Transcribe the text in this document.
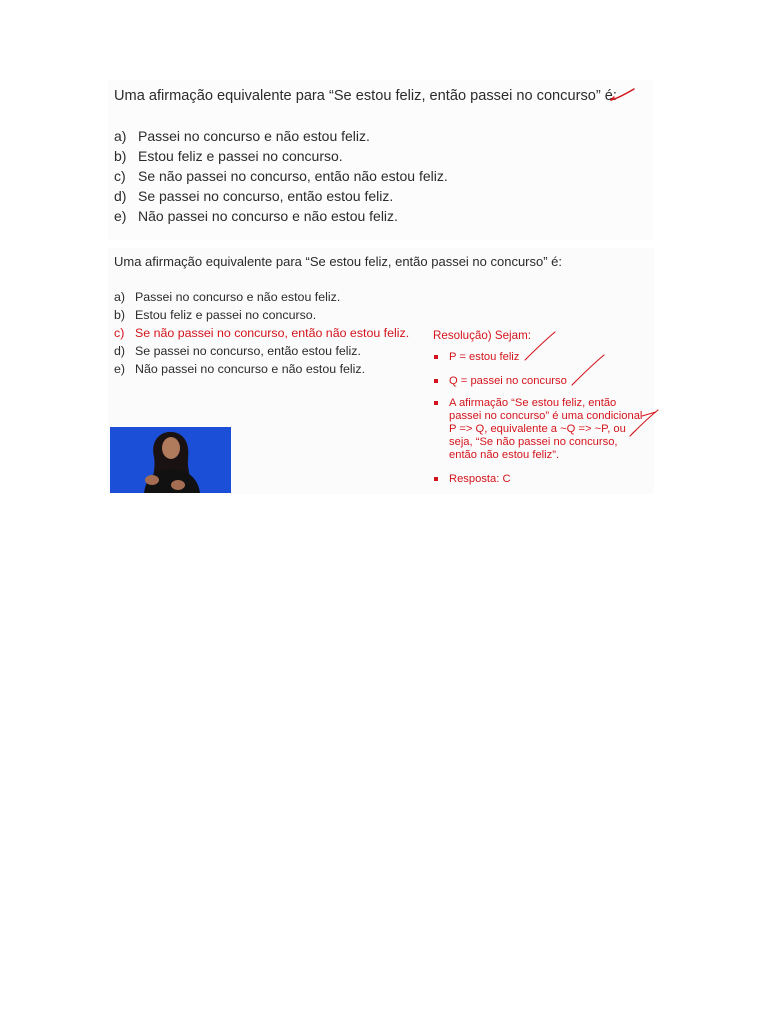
Uma afirmação equivalente para “Se estou feliz, então passei no concurso” é:
a) Passei no concurso e não estou feliz.
b) Estou feliz e passei no concurso.
c) Se não passei no concurso, então não estou feliz.
d) Se passei no concurso, então estou feliz.
e) Não passei no concurso e não estou feliz.
Uma afirmação equivalente para “Se estou feliz, então passei no concurso” é:
a) Passei no concurso e não estou feliz.
b) Estou feliz e passei no concurso.
c) Se não passei no concurso, então não estou feliz.
d) Se passei no concurso, então estou feliz.
e) Não passei no concurso e não estou feliz.
Resolução) Sejam:
P = estou feliz
Q = passei no concurso
A afirmação “Se estou feliz, então
passei no concurso” é uma condicional
P => Q, equivalente a ~Q => ~P, ou
seja, “Se não passei no concurso,
então não estou feliz”.
Resposta: C
